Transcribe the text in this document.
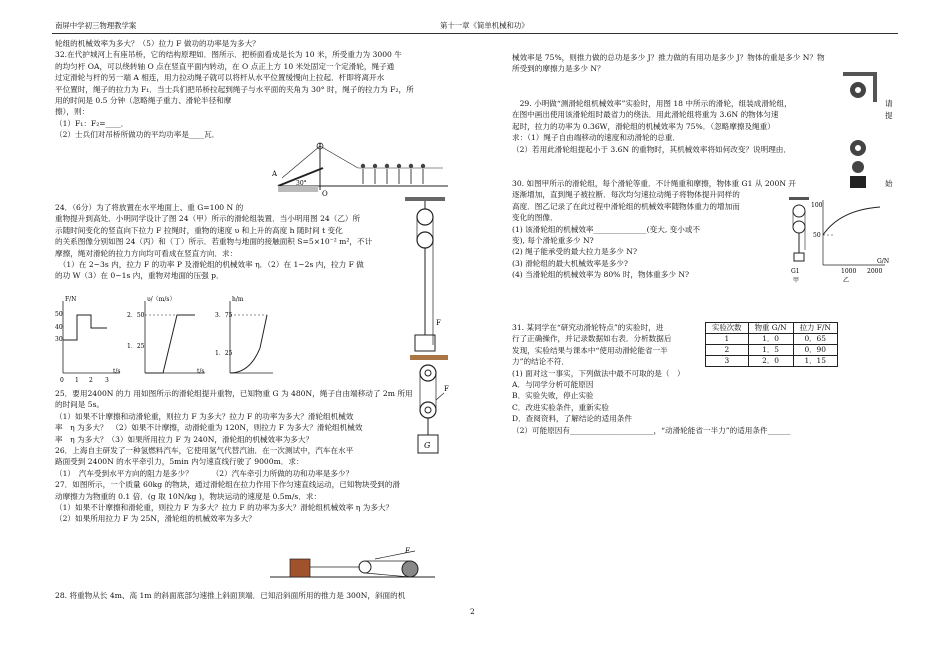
南屏中学初三物理教学案	第十一章《简单机械和功》
轮组的机械效率为多大？（5）拉力 F 做功的功率是为多大？
32.在代护城河上有座吊桥，它的结构原理如．图所示．把桥面看成是长为 10 米，所受重力为 3000 牛
的均匀杆 OA，可以绕转轴 O 点在竖直平面内转动，在 O 点正上方 10 米处固定一个定滑轮，绳子通
过定滑轮与杆的另一端 A 相连，用力拉动绳子就可以将杆从水平位置缓慢向上拉起．杆即将离开水
平位置时，绳子的拉力为 F₁．当士兵们把吊桥拉起到绳子与水平面的夹角为 30° 时，绳子的拉力为 F₂，所
用的时间是 0.5 分钟（忽略绳子重力、滑轮半径和摩
擦），则：
（1）F₁：F₂=____．
（2）士兵们对吊桥所做功的平均功率是____瓦．
24．（6分）为了将放置在水平地面上、重 G=100 N 的
重物提升到高处．小明同学设计了图 24（甲）所示的滑轮组装置．当小明用图 24（乙）所
示随时间变化的竖直向下拉力 F 拉绳时，重物的速度 υ 和上升的高度 h 随时间 t 变化
的关系图像分别如图 24（丙）和（丁）所示．若重物与地面的接触面积 S=5×10⁻² m²，不计
摩擦，绳对滑轮的拉力方向均可看成在竖直方向．求：
　（1）在 2~3s 内，拉力 F 的功率 P 及滑轮组的机械效率 η．（2）在 1~2s 内，拉力 F 做
的功 W（3）在 0~1s 内，重物对地面的压强 p．
25．要用2400N 的力 用如图所示的滑轮组提升重物，已知物重 G 为 480N，绳子自由端移动了 2m 所用
的时间是 5s。
（1）如果不计摩擦和动滑轮重，则拉力 F 为多大？拉力 F 的功率为多大？滑轮组机械效
率　η 为多大？　（2）如果不计摩擦，动滑轮重为 120N，则拉力 F 为多大？滑轮组机械效
率　η 为多大？（3）如果所用拉力 F 为 240N，滑轮组的机械效率为多大？
26．上海自主研发了一种氢燃料汽车，它使用氢气代替汽油．在一次测试中，汽车在水平
路面受到 2400N 的水平牵引力，5min 内匀速直线行驶了 9000m．求：
（1）　汽车受到水平方向的阻力是多少？　　　（2）汽车牵引力所做的功和功率是多少？
27．如图所示，一个质量 60kg 的物块，通过滑轮组在拉力作用下作匀速直线运动，已知物块受到的滑
动摩擦力为物重的 0.1 倍．(g 取 10N/kg )，物块运动的速度是 0.5m/s．求：
（1）如果不计摩擦和滑轮重，则拉力 F 为多大？拉力 F 的功率为多大？滑轮组机械效率 η 为多大？
（2）如果所用拉力 F 为 25N，滑轮组的机械效率为多大？
28. 将重物从长 4m、高 1m 的斜面底部匀速推上斜面顶端．已知沿斜面所用的推力是 300N，斜面的机
A
O
30°
F/N
50
40
30
0 1 2 3
t/s
υ/（m/s）
2．50
1．25
t/s
h/m
3．75
1．25
F
G
F
F
械效率是 75%，则推力做的总功是多少 J？推力做的有用功是多少 J？物体的重是多少 N？物
所受到的摩擦力是多少 N？
　29. 小明做“测滑轮组机械效率”实验时，用图 18 中所示的滑轮，组装成滑轮组，
在图中画出使用该滑轮组时最省力的绕法．用此滑轮组将重为 3.6N 的物体匀速
起时，拉力的功率为 0.36W，滑轮组的机械效率为 75%．（忽略摩擦及绳重）
求：（1）绳子自由端移动的速度和动滑轮的总重．
（2）若用此滑轮组提起小于 3.6N 的重物时，其机械效率将如何改变？说明理由．
请
提
30. 如图甲所示的滑轮组，每个滑轮等重．不计绳重和摩擦，物体重 G1 从 200N 开
逐渐增加，直到绳子被拉断．每次均匀速拉动绳子将物体提升同样的
高度．图乙记录了在此过程中滑轮组的机械效率随物体重力的增加而
变化的图像．
(1) 该滑轮组的机械效率______________(变大, 变小或不
变), 每个滑轮重多少 N?
(2) 绳子能承受的最大拉力是多少 N?
(3) 滑轮组的最大机械效率是多少?
(4) 当滑轮组的机械效率为 80% 时，物体重多少 N?
始
G1
甲
100
50
1000 2000
G/N
乙
31. 某同学在“研究动滑轮特点”的实验时，进
行了正确操作，并记录数据如右表．分析数据后
发现，实验结果与课本中“使用动滑轮能省一半
力”的结论不符．
(1) 面对这一事实，下列做法中最不可取的是（　）
A．与同学分析可能原因
B．实验失败，停止实验
C．改进实验条件，重新实验
D．查阅资料，了解结论的适用条件
（2）可能原因有______________________，“动滑轮能省一半力”的适用条件______
实验次数	物重 G/N	拉力 F/N
1	1．0	0．65
2	1．5	0．90
3	2．0	1．15
2
